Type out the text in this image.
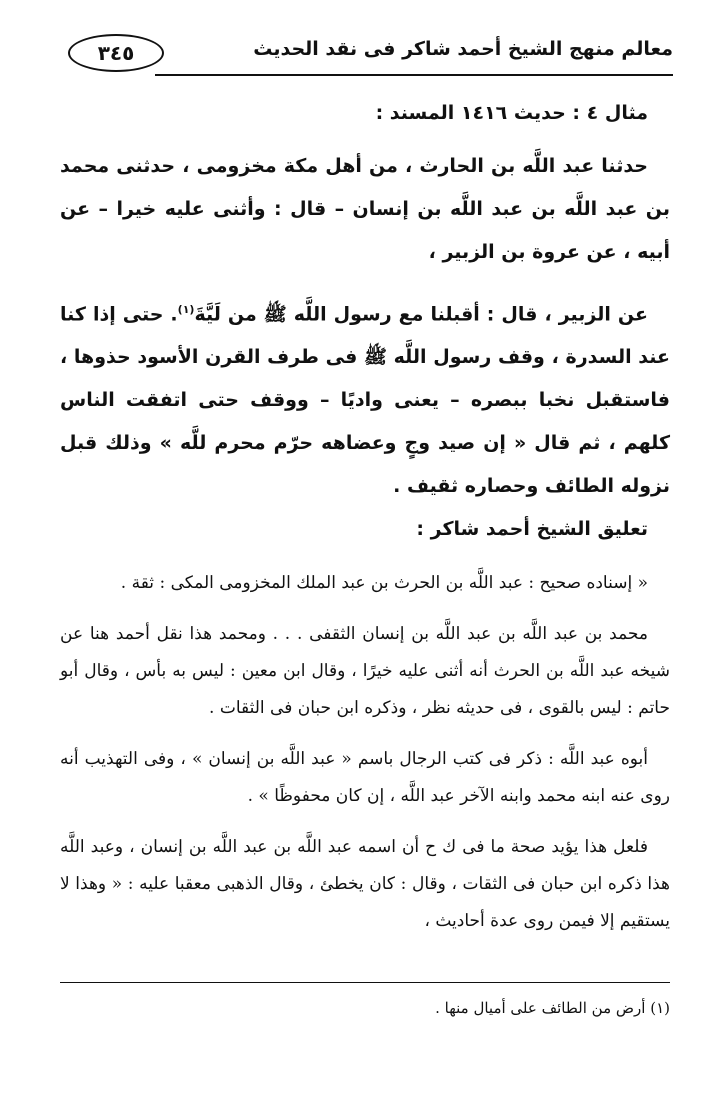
معالم منهج الشيخ أحمد شاكر فى نقد الحديث
٣٤٥

مثال ٤ : حديث ١٤١٦ المسند :

حدثنا عبد اللَّه بن الحارث ، من أهل مكة مخزومى ، حدثنى محمد بن عبد اللَّه بن عبد اللَّه بن إنسان – قال : وأثنى عليه خيرا – عن أبيه ، عن عروة بن الزبير ،

عن الزبير ، قال : أقبلنا مع رسول اللَّه ﷺ من لَيَّةَ$^{(١)}$. حتى إذا كنا عند السدرة ، وقف رسول اللَّه ﷺ فى طرف القرن الأسود حذوها ، فاستقبل نخبا ببصره – يعنى واديًا – ووقف حتى اتفقت الناس كلهم ، ثم قال « إن صيد وجٍ وعضاهه حرّم محرم للَّه » وذلك قبل نزوله الطائف وحصاره ثقيف .

تعليق الشيخ أحمد شاكر :

« إسناده صحيح : عبد اللَّه بن الحرث بن عبد الملك المخزومى المكى : ثقة .

محمد بن عبد اللَّه بن عبد اللَّه بن إنسان الثقفى . . . ومحمد هذا نقل أحمد هنا عن شيخه عبد اللَّه بن الحرث أنه أثنى عليه خيرًا ، وقال ابن معين : ليس به بأس ، وقال أبو حاتم : ليس بالقوى ، فى حديثه نظر ، وذكره ابن حبان فى الثقات .

أبوه عبد اللَّه : ذكر فى كتب الرجال باسم « عبد اللَّه بن إنسان » ، وفى التهذيب أنه روى عنه ابنه محمد وابنه الآخر عبد اللَّه ، إن كان محفوظًا » .

فلعل هذا يؤيد صحة ما فى ك ح أن اسمه عبد اللَّه بن عبد اللَّه بن إنسان ، وعبد اللَّه هذا ذكره ابن حبان فى الثقات ، وقال : كان يخطئ ، وقال الذهبى معقبا عليه : « وهذا لا يستقيم إلا فيمن روى عدة أحاديث ،

(١) أرض من الطائف على أميال منها .
